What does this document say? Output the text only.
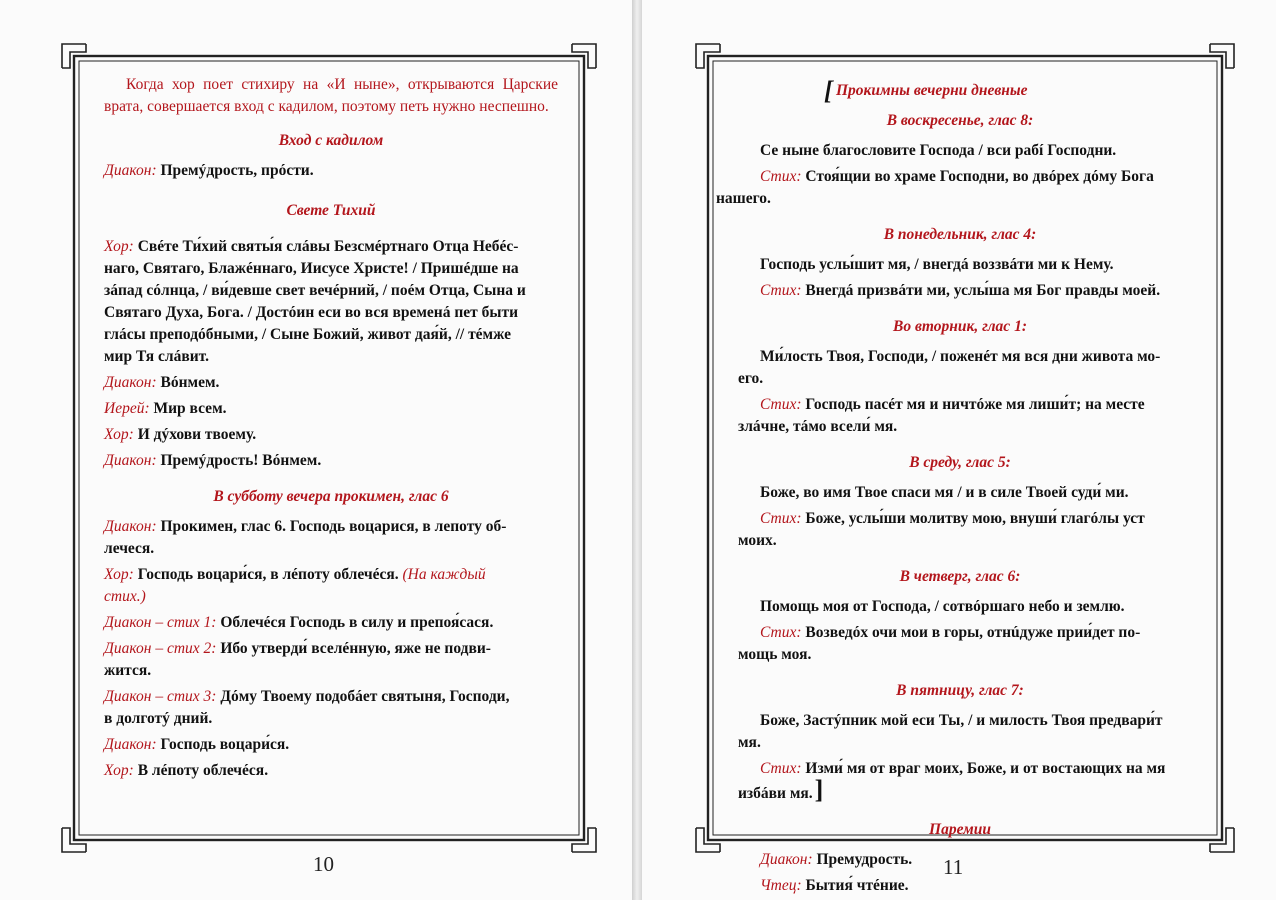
Когда хор поет стихиру на «И ныне», открываются Царские врата, совершается вход с кадилом, поэтому петь нужно неспешно.

Вход с кадилом

Диакон: Премýдрость, прóсти.

Свете Тихий

Хор: Свéте Ти́хий святы́я слáвы Безсмéртнаго Отца Небéс-
наго, Святаго, Блажéннаго, Иисусе Христе! / Пришéдше на
зáпад сóлнца, / ви́девше свет вечéрний, / поéм Отца, Сына и
Святаго Духа, Бога. / Достóин еси во вся временá пет быти
глáсы преподóбными, / Сыне Божий, живот дая́й, // тéмже
мир Тя слáвит.

Диакон: Вóнмем.

Иерей: Мир всем.

Хор: И дýхови твоему.

Диакон: Премýдрость! Вóнмем.

В субботу вечера прокимен, глас 6

Диакон: Прокимен, глас 6. Господь воцарися, в лепоту об-
лечеся.

Хор: Господь воцари́ся, в лéпоту облечéся. (На каждый
стих.)

Диакон – стих 1: Облечéся Господь в силу и препоя́сася.

Диакон – стих 2: Ибо утверди́ вселéнную, яже не подви-
жится.

Диакон – стих 3: Дóму Твоему подобáет святыня, Господи,
в долготý дний.

Диакон: Господь воцари́ся.

Хор: В лéпоту облечéся.

10

[ Прокимны вечерни дневные

В воскресенье, глас 8:

Се ныне благословите Господа / вси рабí Господни.

Стих: Стоя́щии во храме Господни, во двóрех дóму Бога
нашего.

В понедельник, глас 4:

Господь услы́шит мя, / внегдá воззвáти ми к Нему.

Стих: Внегдá призвáти ми, услы́ша мя Бог правды моей.

Во вторник, глас 1:

Ми́лость Твоя, Господи, / поженéт мя вся дни живота мо-
его.

Стих: Господь пасéт мя и ничтóже мя лиши́т; на месте
злáчне, тáмо всели́ мя.

В среду, глас 5:

Боже, во имя Твое спаси мя / и в силе Твоей суди́ ми.

Стих: Боже, услы́ши молитву мою, внуши́ глагóлы уст
моих.

В четверг, глас 6:

Помощь моя от Господа, / сотвóршаго небо и землю.

Стих: Возведóх очи мои в горы, отнúдуже прии́дет по-
мощь моя.

В пятницу, глас 7:

Боже, Застýпник мой еси Ты, / и милость Твоя предвари́т
мя.

Стих: Изми́ мя от враг моих, Боже, и от востающих на мя
избáви мя.]

Паремии

Диакон: Премудрость.

Чтец: Бытия́ чтéние.

11
